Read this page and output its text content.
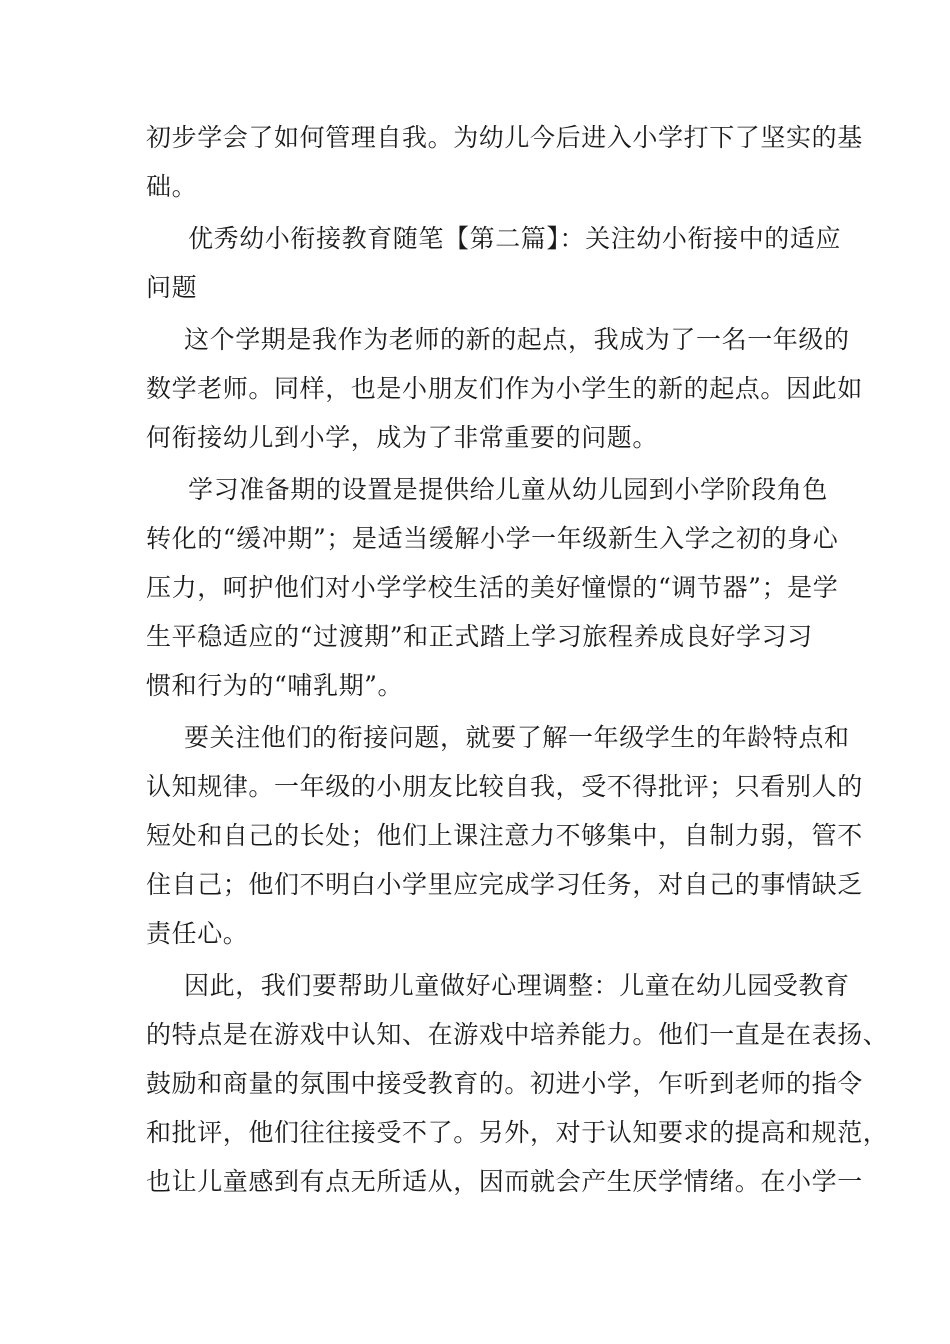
初步学会了如何管理自我。为幼儿今后进入小学打下了坚实的基
础。

优秀幼小衔接教育随笔【第二篇】：关注幼小衔接中的适应
问题

这个学期是我作为老师的新的起点，我成为了一名一年级的
数学老师。同样，也是小朋友们作为小学生的新的起点。因此如
何衔接幼儿到小学，成为了非常重要的问题。

学习准备期的设置是提供给儿童从幼儿园到小学阶段角色
转化的“缓冲期”；是适当缓解小学一年级新生入学之初的身心
压力，呵护他们对小学学校生活的美好憧憬的“调节器”；是学
生平稳适应的“过渡期”和正式踏上学习旅程养成良好学习习
惯和行为的“哺乳期”。

要关注他们的衔接问题，就要了解一年级学生的年龄特点和
认知规律。一年级的小朋友比较自我，受不得批评；只看别人的
短处和自己的长处；他们上课注意力不够集中，自制力弱，管不
住自己；他们不明白小学里应完成学习任务，对自己的事情缺乏
责任心。

因此，我们要帮助儿童做好心理调整：儿童在幼儿园受教育
的特点是在游戏中认知、在游戏中培养能力。他们一直是在表扬、
鼓励和商量的氛围中接受教育的。初进小学，乍听到老师的指令
和批评，他们往往接受不了。另外，对于认知要求的提高和规范，
也让儿童感到有点无所适从，因而就会产生厌学情绪。在小学一
